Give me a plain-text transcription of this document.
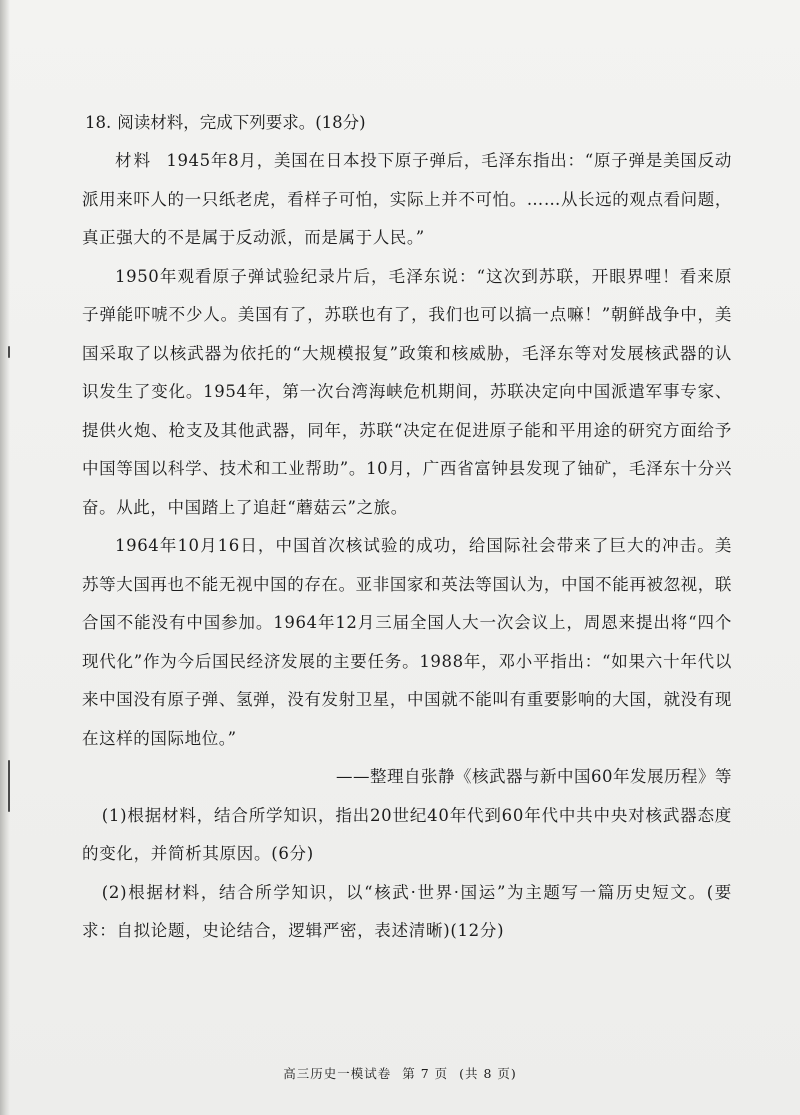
18. 阅读材料，完成下列要求。(18分)

材料 1945年8月，美国在日本投下原子弹后，毛泽东指出：“原子弹是美国反动派用来吓人的一只纸老虎，看样子可怕，实际上并不可怕。……从长远的观点看问题，真正强大的不是属于反动派，而是属于人民。”

1950年观看原子弹试验纪录片后，毛泽东说：“这次到苏联，开眼界哩！看来原子弹能吓唬不少人。美国有了，苏联也有了，我们也可以搞一点嘛！”朝鲜战争中，美国采取了以核武器为依托的“大规模报复”政策和核威胁，毛泽东等对发展核武器的认识发生了变化。1954年，第一次台湾海峡危机期间，苏联决定向中国派遣军事专家、提供火炮、枪支及其他武器，同年，苏联“决定在促进原子能和平用途的研究方面给予中国等国以科学、技术和工业帮助”。10月，广西省富钟县发现了铀矿，毛泽东十分兴奋。从此，中国踏上了追赶“蘑菇云”之旅。

1964年10月16日，中国首次核试验的成功，给国际社会带来了巨大的冲击。美苏等大国再也不能无视中国的存在。亚非国家和英法等国认为，中国不能再被忽视，联合国不能没有中国参加。1964年12月三届全国人大一次会议上，周恩来提出将“四个现代化”作为今后国民经济发展的主要任务。1988年，邓小平指出：“如果六十年代以来中国没有原子弹、氢弹，没有发射卫星，中国就不能叫有重要影响的大国，就没有现在这样的国际地位。”

——整理自张静《核武器与新中国60年发展历程》等

(1)根据材料，结合所学知识，指出20世纪40年代到60年代中共中央对核武器态度的变化，并简析其原因。(6分)

(2)根据材料，结合所学知识，以“核武·世界·国运”为主题写一篇历史短文。(要求：自拟论题，史论结合，逻辑严密，表述清晰)(12分)

高三历史一模试卷 第 7 页 (共 8 页)
